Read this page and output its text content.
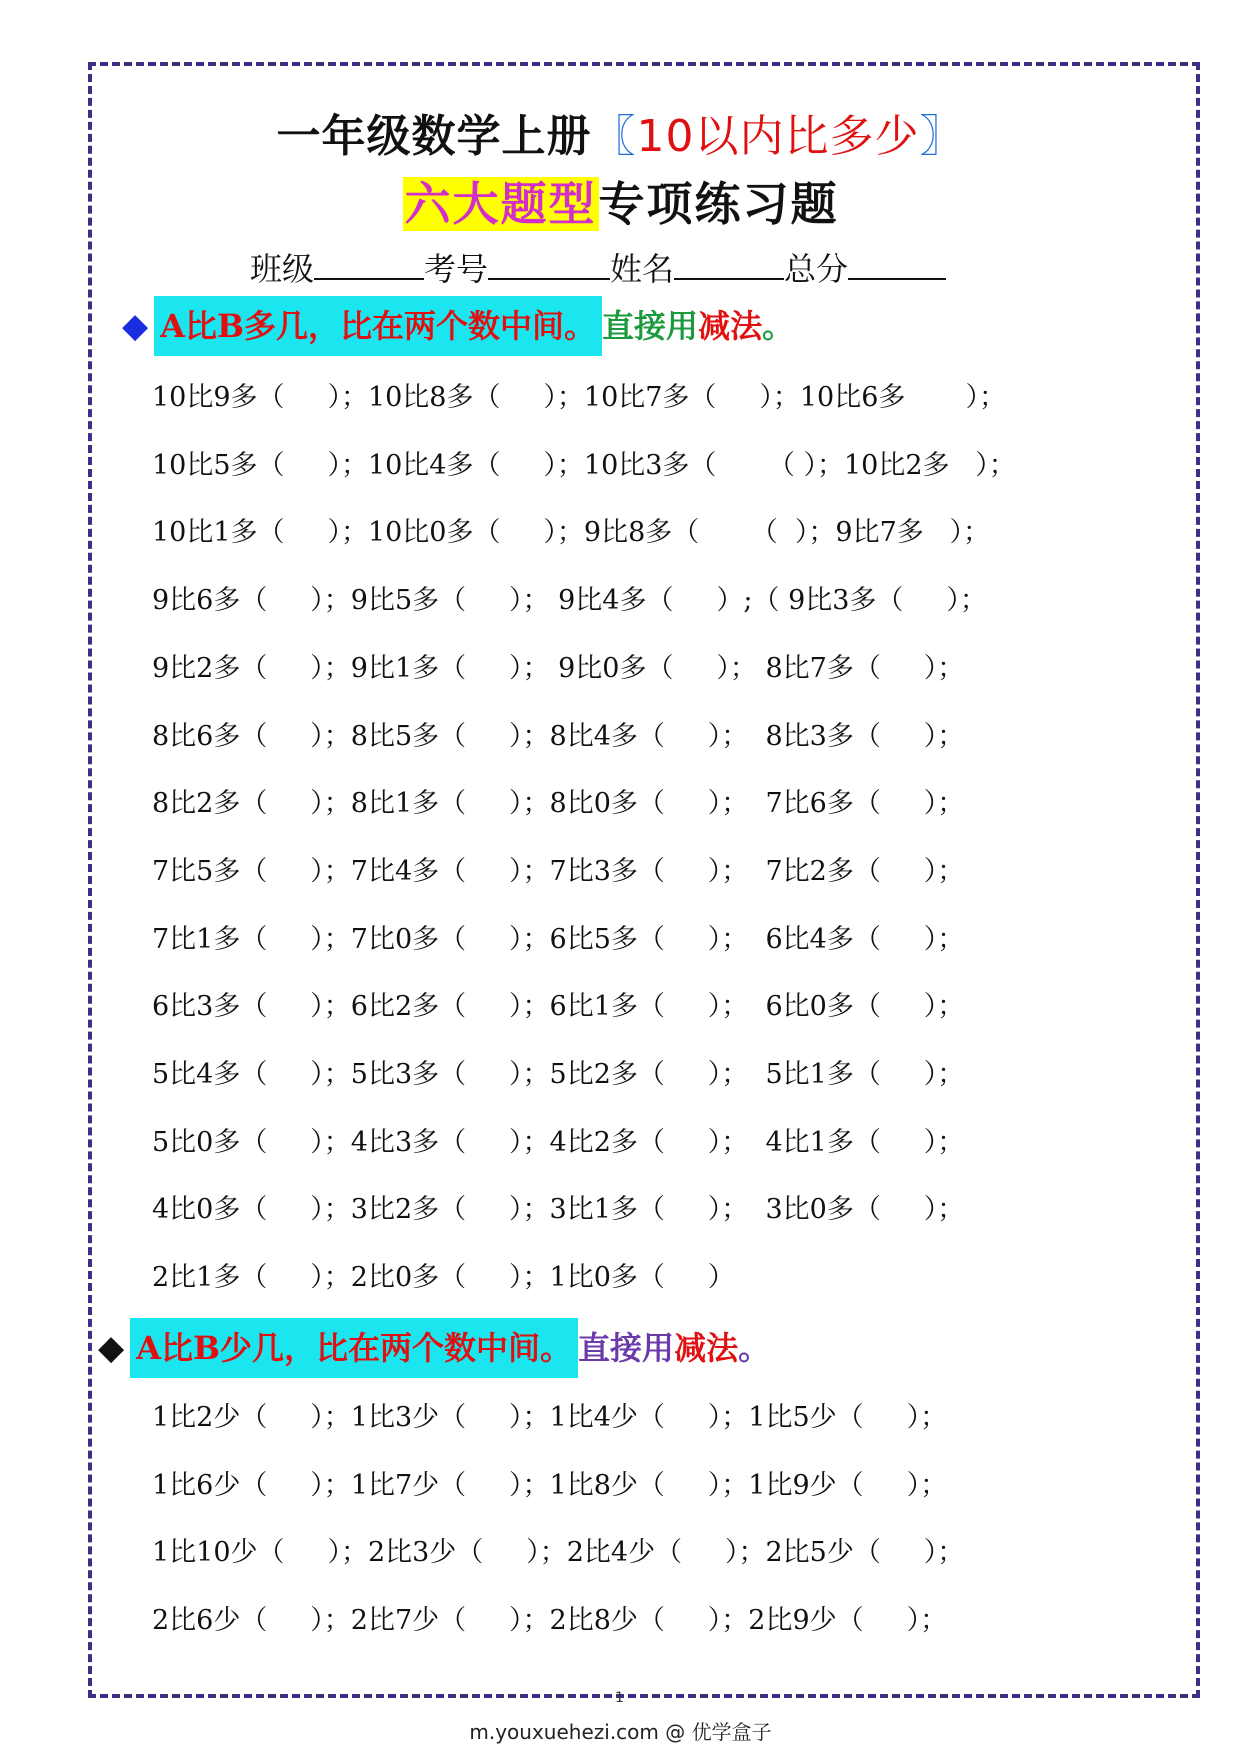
一年级数学上册〖10以内比多少〗
六大题型专项练习题
班级	考号	姓名	总分
◆ A比B多几，比在两个数中间。 直接用减法。
10比9多（     ）；10比8多（     ）；10比7多（     ）；10比6多       ）；
10比5多（     ）；10比4多（     ）；10比3多（      （ ）；10比2多   ）；
10比1多（     ）；10比0多（     ）；9比8多（      （  ）；9比7多   ）；
9比6多（     ）；9比5多（     ）； 9比4多（     ）;（ 9比3多（     ）；
9比2多（     ）；9比1多（     ）； 9比0多（     ）； 8比7多（     ）；
8比6多（     ）；8比5多（     ）；8比4多（     ）；  8比3多（     ）；
8比2多（     ）；8比1多（     ）；8比0多（     ）；  7比6多（     ）；
7比5多（     ）；7比4多（     ）；7比3多（     ）；  7比2多（     ）；
7比1多（     ）；7比0多（     ）；6比5多（     ）；  6比4多（     ）；
6比3多（     ）；6比2多（     ）；6比1多（     ）；  6比0多（     ）；
5比4多（     ）；5比3多（     ）；5比2多（     ）；  5比1多（     ）；
5比0多（     ）；4比3多（     ）；4比2多（     ）；  4比1多（     ）；
4比0多（     ）；3比2多（     ）；3比1多（     ）；  3比0多（     ）；
2比1多（     ）；2比0多（     ）；1比0多（     ）
◆ A比B少几，比在两个数中间。 直接用减法。
1比2少（     ）；1比3少（     ）；1比4少（     ）；1比5少（     ）；
1比6少（     ）；1比7少（     ）；1比8少（     ）；1比9少（     ）；
1比10少（     ）；2比3少（     ）；2比4少（     ）；2比5少（     ）；
2比6少（     ）；2比7少（     ）；2比8少（     ）；2比9少（     ）；
1
m.youxuehezi.com @ 优学盒子
